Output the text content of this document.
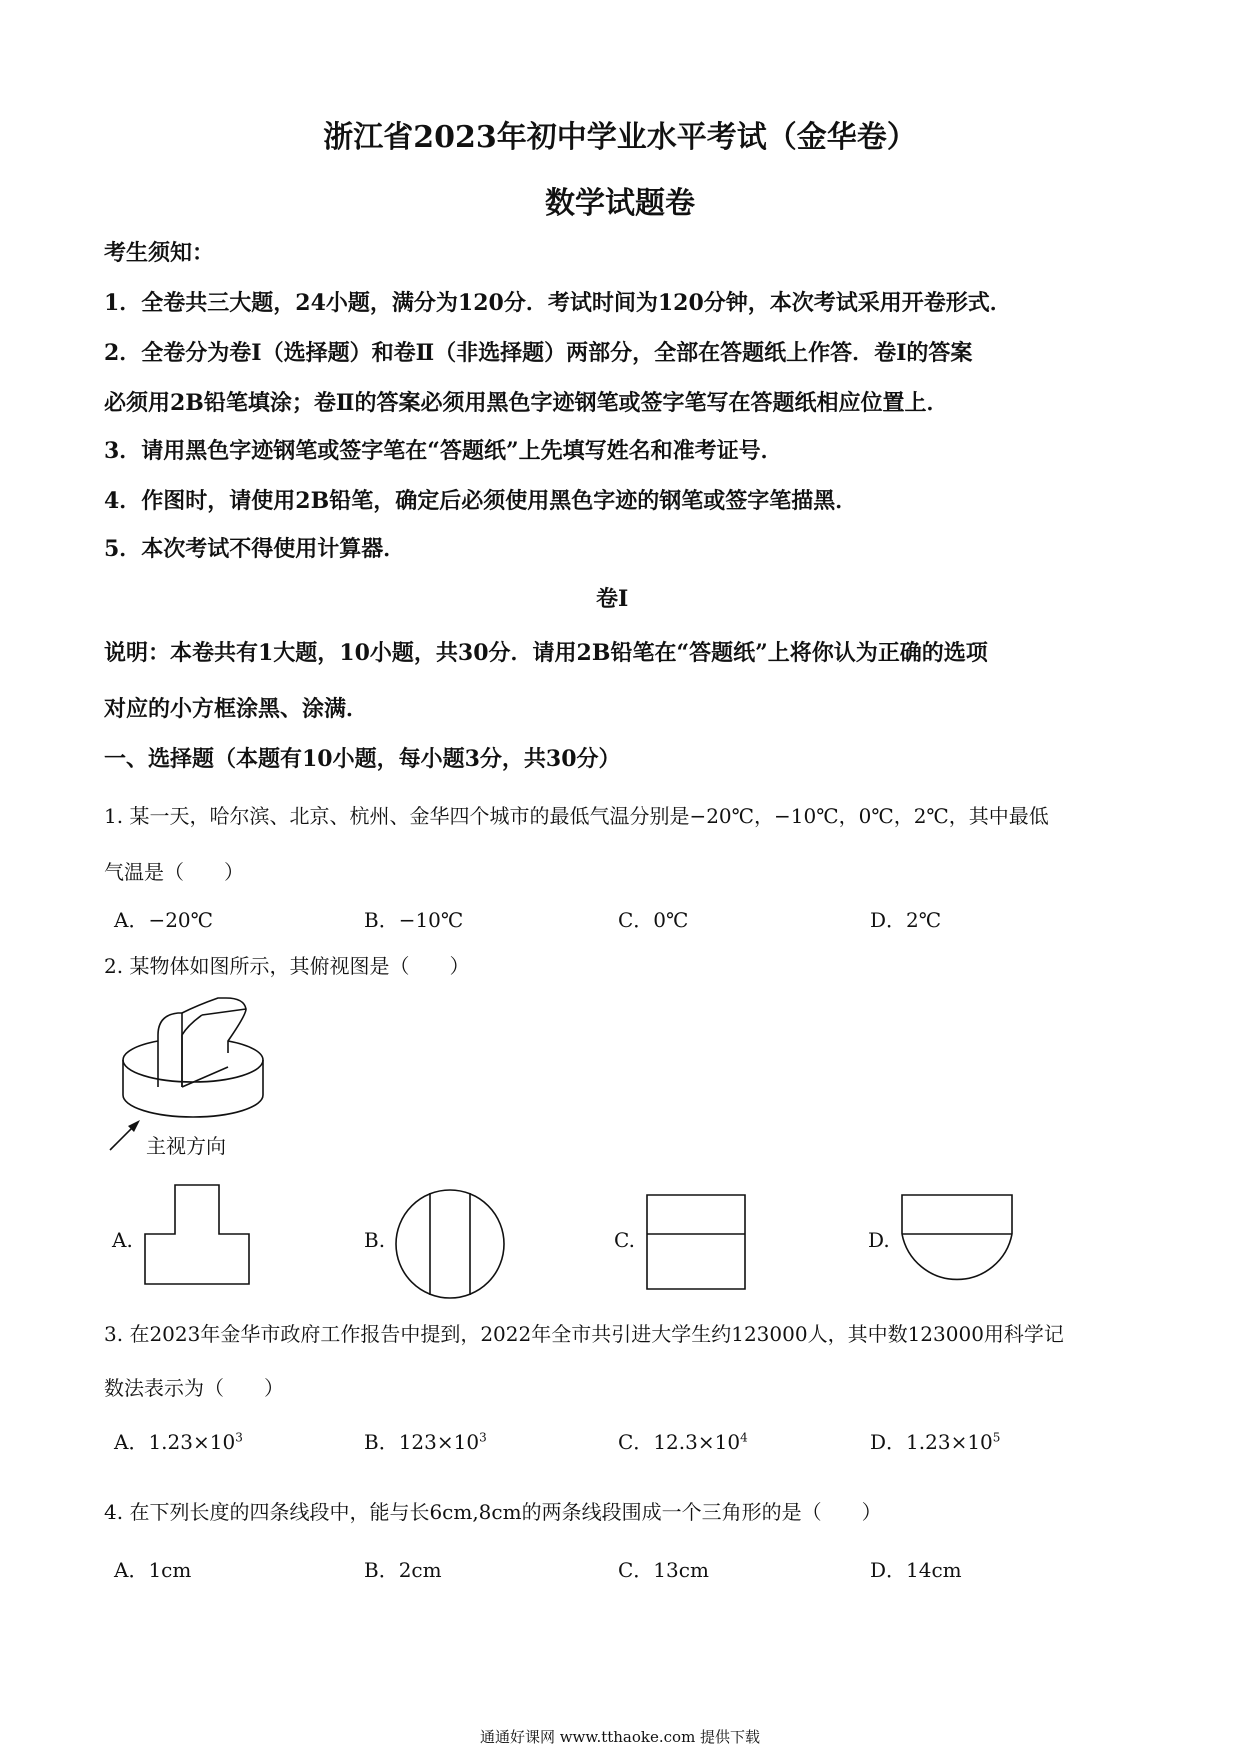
浙江省2023年初中学业水平考试（金华卷）
数学试题卷
考生须知：
1．全卷共三大题，24小题，满分为120分．考试时间为120分钟，本次考试采用开卷形式．
2．全卷分为卷Ⅰ（选择题）和卷Ⅱ（非选择题）两部分，全部在答题纸上作答．卷Ⅰ的答案
必须用2B铅笔填涂；卷Ⅱ的答案必须用黑色字迹钢笔或签字笔写在答题纸相应位置上．
3．请用黑色字迹钢笔或签字笔在“答题纸”上先填写姓名和准考证号．
4．作图时，请使用2B铅笔，确定后必须使用黑色字迹的钢笔或签字笔描黑．
5．本次考试不得使用计算器．
卷Ⅰ
说明：本卷共有1大题，10小题，共30分．请用2B铅笔在“答题纸”上将你认为正确的选项
对应的小方框涂黑、涂满．
一、选择题（本题有10小题，每小题3分，共30分）
1. 某一天，哈尔滨、北京、杭州、金华四个城市的最低气温分别是−20℃，−10℃，0℃，2℃，其中最低
气温是（　　）
A．−20℃	B．−10℃	C．0℃	D．2℃
2. 某物体如图所示，其俯视图是（　　）
主视方向
A.	B.	C.	D.
3. 在2023年金华市政府工作报告中提到，2022年全市共引进大学生约123000人，其中数123000用科学记
数法表示为（　　）
A．$1.23\times 10^3$	B．$123\times 10^3$	C．$12.3\times 10^4$	D．$1.23\times 10^5$
4. 在下列长度的四条线段中，能与长6cm,8cm的两条线段围成一个三角形的是（　　）
A．1cm	B．2cm	C．13cm	D．14cm
通通好课网 www.tthaoke.com 提供下载
